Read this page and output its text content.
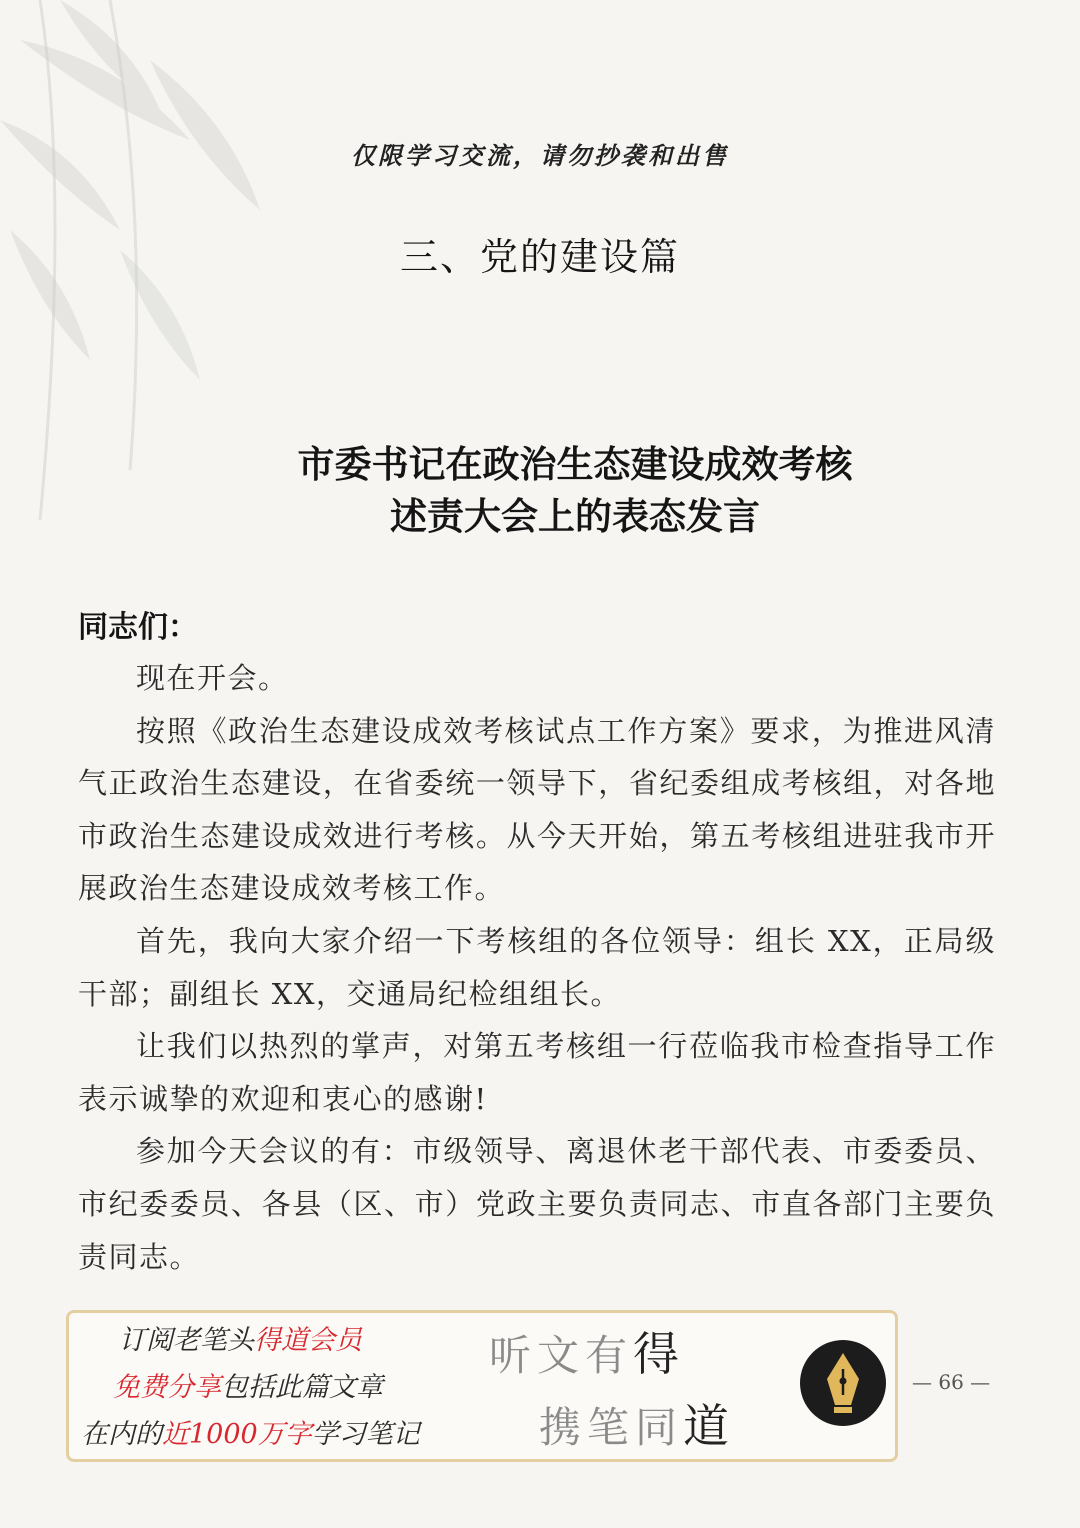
仅限学习交流，请勿抄袭和出售
三、党的建设篇
市委书记在政治生态建设成效考核
述责大会上的表态发言
同志们：

现在开会。

按照《政治生态建设成效考核试点工作方案》要求，为推进风清气正政治生态建设，在省委统一领导下，省纪委组成考核组，对各地市政治生态建设成效进行考核。从今天开始，第五考核组进驻我市开展政治生态建设成效考核工作。

首先，我向大家介绍一下考核组的各位领导：组长 XX，正局级干部；副组长 XX，交通局纪检组组长。

让我们以热烈的掌声，对第五考核组一行莅临我市检查指导工作表示诚挚的欢迎和衷心的感谢!

参加今天会议的有：市级领导、离退休老干部代表、市委委员、市纪委委员、各县（区、市）党政主要负责同志、市直各部门主要负责同志。

订阅老笔头得道会员
免费分享包括此篇文章
在内的近1000万字学习笔记
听文有得
携笔同道
— 66 —
